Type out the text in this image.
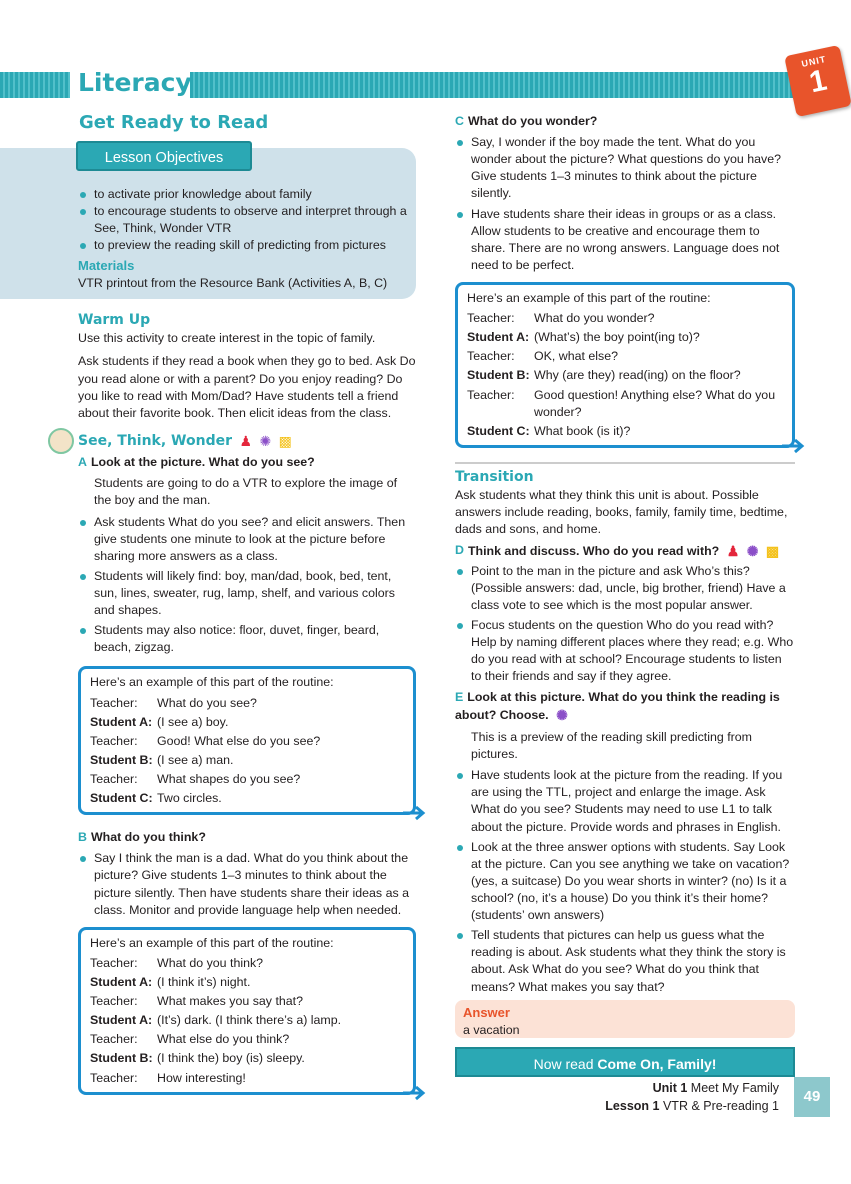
Literacy
UNIT
1
Get Ready to Read
Lesson Objectives
to activate prior knowledge about family
to encourage students to observe and interpret through a See, Think, Wonder VTR
to preview the reading skill of predicting from pictures
Materials
VTR printout from the Resource Bank (Activities A, B, C)
Warm Up

Use this activity to create interest in the topic of family.

Ask students if they read a book when they go to bed. Ask Do you read alone or with a parent? Do you enjoy reading? Do you like to read with Mom/Dad? Have students tell a friend about their favorite book. Then elicit ideas from the class.

See, Think, Wonder ♟ ✺ ▩
A Look at the picture. What do you see?

Students are going to do a VTR to explore the image of the boy and the man.

Ask students What do you see? and elicit answers. Then give students one minute to look at the picture before sharing more answers as a class.
Students will likely find: boy, man/dad, book, bed, tent, sun, lines, sweater, rug, lamp, shelf, and various colors and shapes.
Students may also notice: floor, duvet, finger, beard, beach, zigzag.
Here’s an example of this part of the routine:
Teacher:	What do you see?
Student A: (I see a) boy.
Teacher:	Good! What else do you see?
Student B: (I see a) man.
Teacher:	What shapes do you see?
Student C: Two circles.
B What do you think?
Say I think the man is a dad. What do you think about the picture? Give students 1–3 minutes to think about the picture silently. Then have students share their ideas as a class. Monitor and provide language help when needed.
Here’s an example of this part of the routine:
Teacher:	What do you think?
Student A: (I think it’s) night.
Teacher:	What makes you say that?
Student A: (It’s) dark. (I think there’s a) lamp.
Teacher:	What else do you think?
Student B: (I think the) boy (is) sleepy.
Teacher:	How interesting!
C What do you wonder?
Say, I wonder if the boy made the tent. What do you wonder about the picture? What questions do you have? Give students 1–3 minutes to think about the picture silently.
Have students share their ideas in groups or as a class. Allow students to be creative and encourage them to share. There are no wrong answers. Language does not need to be perfect.
Here’s an example of this part of the routine:
Teacher:	What do you wonder?
Student A: (What’s) the boy point(ing to)?
Teacher:	OK, what else?
Student B: Why (are they) read(ing) on the floor?
Teacher:	Good question! Anything else? What do you wonder?
Student C: What book (is it)?
Transition

Ask students what they think this unit is about. Possible answers include reading, books, family, family time, bedtime, dads and sons, and home.

D Think and discuss. Who do you read with? ♟ ✺ ▩
Point to the man in the picture and ask Who’s this? (Possible answers: dad, uncle, big brother, friend) Have a class vote to see which is the most popular answer.
Focus students on the question Who do you read with? Help by naming different places where they read; e.g. Who do you read with at school? Encourage students to listen to their friends and say if they agree.
E Look at this picture. What do you think the reading is about? Choose. ✺

This is a preview of the reading skill predicting from pictures.

Have students look at the picture from the reading. If you are using the TTL, project and enlarge the image. Ask What do you see? Students may need to use L1 to talk about the picture. Provide words and phrases in English.
Look at the three answer options with students. Say Look at the picture. Can you see anything we take on vacation? (yes, a suitcase) Do you wear shorts in winter? (no) Is it a school? (no, it’s a house) Do you think it’s their home? (students’ own answers)
Tell students that pictures can help us guess what the reading is about. Ask students what they think the story is about. Ask What do you see? What do you think that means? What makes you say that?
Answer
a vacation
Now read Come On, Family!
Unit 1 Meet My Family
Lesson 1 VTR & Pre-reading 1
49
